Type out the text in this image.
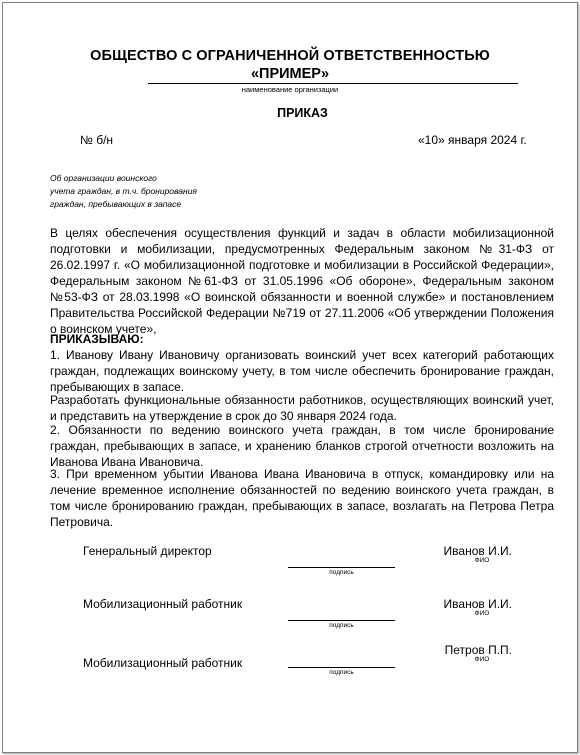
ОБЩЕСТВО С ОГРАНИЧЕННОЙ ОТВЕТСТВЕННОСТЬЮ
«ПРИМЕР»
наименование организации
ПРИКАЗ
№ б/н	«10» января 2024 г.
Об организации воинского
учета граждан, в т.ч. бронирования
граждан, пребывающих в запасе
В целях обеспечения осуществления функций и задач в области мобилизационной подготовки и мобилизации, предусмотренных Федеральным законом №31-ФЗ от 26.02.1997 г. «О мобилизационной подготовке и мобилизации в Российской Федерации», Федеральным законом №61-ФЗ от 31.05.1996 «Об обороне», Федеральным законом №53-ФЗ от 28.03.1998 «О воинской обязанности и военной службе» и постановлением Правительства Российской Федерации №719 от 27.11.2006 «Об утверждении Положения о воинском учете»,
ПРИКАЗЫВАЮ:
1. Иванову Ивану Ивановичу организовать воинский учет всех категорий работающих граждан, подлежащих воинскому учету, в том числе обеспечить бронирование граждан, пребывающих в запасе.
Разработать функциональные обязанности работников, осуществляющих воинский учет, и представить на утверждение в срок до 30 января 2024 года.
2. Обязанности по ведению воинского учета граждан, в том числе бронирование граждан, пребывающих в запасе, и хранению бланков строгой отчетности возложить на Иванова Ивана Ивановича.
3. При временном убытии Иванова Ивана Ивановича в отпуск, командировку или на лечение временное исполнение обязанностей по ведению воинского учета граждан, в том числе бронированию граждан, пребывающих в запасе, возлагать на Петрова Петра Петровича.
Генеральный директор
подпись
Иванов И.И.
ФИО
Мобилизационный работник
подпись
Иванов И.И.
ФИО
Мобилизационный работник
подпись
Петров П.П.
ФИО
